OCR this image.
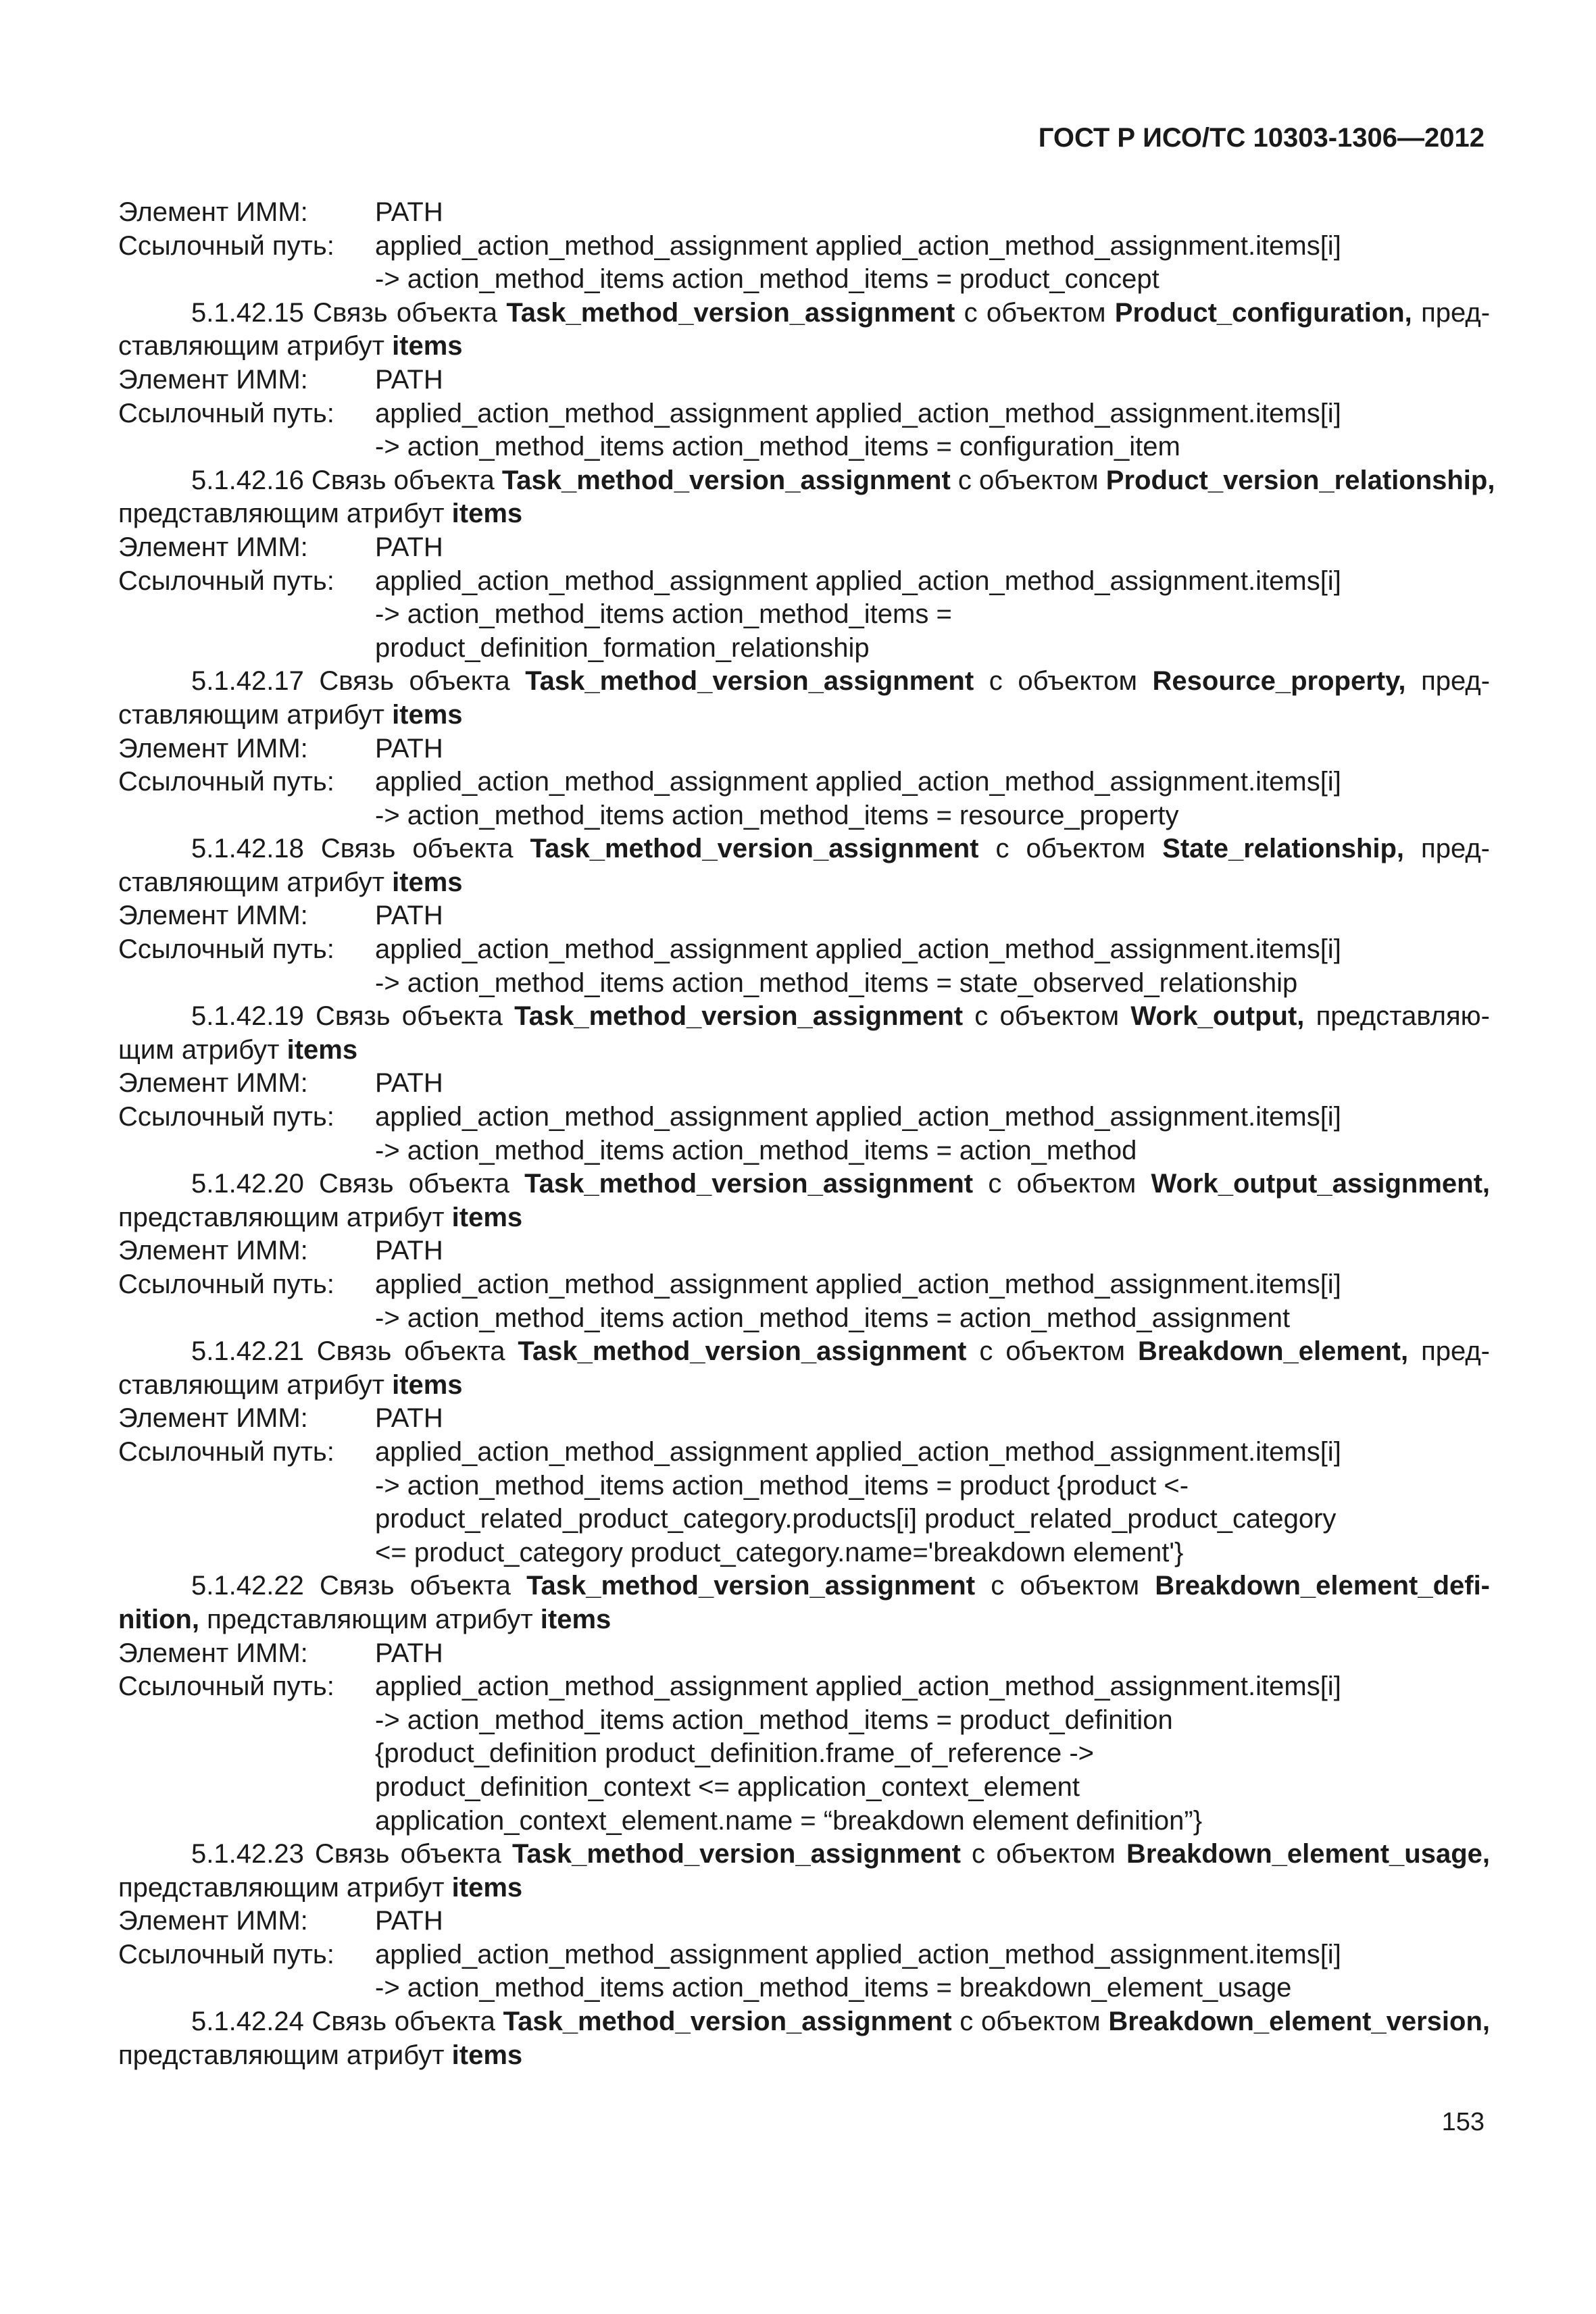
ГОСТ Р ИСО/ТС 10303-1306—2012
Элемент ИММ:	PATH
Ссылочный путь:	applied_action_method_assignment applied_action_method_assignment.items[i]
-> action_method_items action_method_items = product_concept
5.1.42.15 Связь объекта Task_method_version_assignment с объектом Product_configuration, пред-
ставляющим атрибут items
Элемент ИММ:	PATH
Ссылочный путь:	applied_action_method_assignment applied_action_method_assignment.items[i]
-> action_method_items action_method_items = configuration_item
5.1.42.16 Связь объекта Task_method_version_assignment с объектом Product_version_relationship,
представляющим атрибут items
Элемент ИММ:	PATH
Ссылочный путь:	applied_action_method_assignment applied_action_method_assignment.items[i]
-> action_method_items action_method_items =
product_definition_formation_relationship
5.1.42.17 Связь объекта Task_method_version_assignment с объектом Resource_property, пред-
ставляющим атрибут items
Элемент ИММ:	PATH
Ссылочный путь:	applied_action_method_assignment applied_action_method_assignment.items[i]
-> action_method_items action_method_items = resource_property
5.1.42.18 Связь объекта Task_method_version_assignment с объектом State_relationship, пред-
ставляющим атрибут items
Элемент ИММ:	PATH
Ссылочный путь:	applied_action_method_assignment applied_action_method_assignment.items[i]
-> action_method_items action_method_items = state_observed_relationship
5.1.42.19 Связь объекта Task_method_version_assignment с объектом Work_output, представляю-
щим атрибут items
Элемент ИММ:	PATH
Ссылочный путь:	applied_action_method_assignment applied_action_method_assignment.items[i]
-> action_method_items action_method_items = action_method
5.1.42.20 Связь объекта Task_method_version_assignment с объектом Work_output_assignment,
представляющим атрибут items
Элемент ИММ:	PATH
Ссылочный путь:	applied_action_method_assignment applied_action_method_assignment.items[i]
-> action_method_items action_method_items = action_method_assignment
5.1.42.21 Связь объекта Task_method_version_assignment с объектом Breakdown_element, пред-
ставляющим атрибут items
Элемент ИММ:	PATH
Ссылочный путь:	applied_action_method_assignment applied_action_method_assignment.items[i]
-> action_method_items action_method_items = product {product <-
product_related_product_category.products[i] product_related_product_category
<= product_category product_category.name='breakdown element'}
5.1.42.22 Связь объекта Task_method_version_assignment с объектом Breakdown_element_defi-
nition, представляющим атрибут items
Элемент ИММ:	PATH
Ссылочный путь:	applied_action_method_assignment applied_action_method_assignment.items[i]
-> action_method_items action_method_items = product_definition
{product_definition product_definition.frame_of_reference ->
product_definition_context <= application_context_element
application_context_element.name = “breakdown element definition”}
5.1.42.23 Связь объекта Task_method_version_assignment с объектом Breakdown_element_usage,
представляющим атрибут items
Элемент ИММ:	PATH
Ссылочный путь:	applied_action_method_assignment applied_action_method_assignment.items[i]
-> action_method_items action_method_items = breakdown_element_usage
5.1.42.24 Связь объекта Task_method_version_assignment с объектом Breakdown_element_version,
представляющим атрибут items
153
